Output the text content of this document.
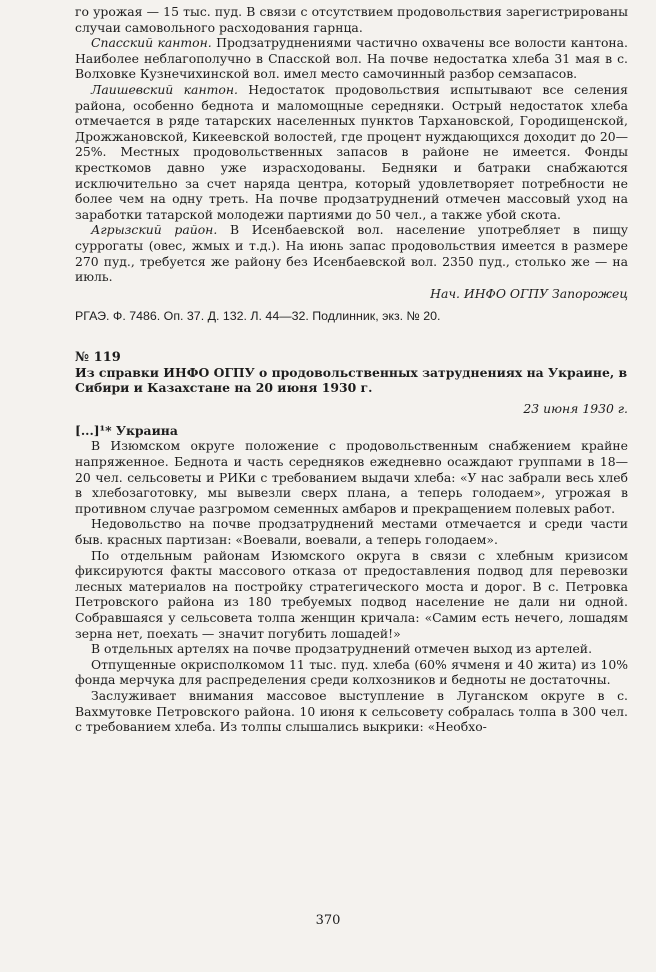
го урожая — 15 тыс. пуд. В связи с отсутствием продовольствия зарегистрированы случаи самовольного расходования гарнца.

Спасский кантон. Продзатруднениями частично охвачены все волости кантона. Наиболее неблагополучно в Спасской вол. На почве недостатка хлеба 31 мая в с. Волховке Кузнечихинской вол. имел место самочинный разбор семзапасов.

Лаишевский кантон. Недостаток продовольствия испытывают все селения района, особенно беднота и маломощные середняки. Острый недостаток хлеба отмечается в ряде татарских населенных пунктов Тархановской, Городищенской, Дрожжановской, Кикеевской волостей, где процент нуждающихся доходит до 20—25%. Местных продовольственных запасов в районе не имеется. Фонды кресткомов давно уже израсходованы. Бедняки и батраки снабжаются исключительно за счет наряда центра, который удовлетворяет потребности не более чем на одну треть. На почве продзатруднений отмечен массовый уход на заработки татарской молодежи партиями до 50 чел., а также убой скота.

Агрызский район. В Исенбаевской вол. население употребляет в пищу суррогаты (овес, жмых и т.д.). На июнь запас продовольствия имеется в размере 270 пуд., требуется же району без Исенбаевской вол. 2350 пуд., столько же — на июль.

Нач. ИНФО ОГПУ Запорожец

РГАЭ. Ф. 7486. Оп. 37. Д. 132. Л. 44—32. Подлинник, экз. № 20.

№ 119

Из справки ИНФО ОГПУ о продовольственных затруднениях на Украине, в Сибири и Казахстане на 20 июня 1930 г.

23 июня 1930 г.

[...]¹* Украина

В Изюмском округе положение с продовольственным снабжением крайне напряженное. Беднота и часть середняков ежедневно осаждают группами в 18—20 чел. сельсоветы и РИКи с требованием выдачи хлеба: «У нас забрали весь хлеб в хлебозаготовку, мы вывезли сверх плана, а теперь голодаем», угрожая в противном случае разгромом семенных амбаров и прекращением полевых работ.

Недовольство на почве продзатруднений местами отмечается и среди части быв. красных партизан: «Воевали, воевали, а теперь голодаем».

По отдельным районам Изюмского округа в связи с хлебным кризисом фиксируются факты массового отказа от предоставления подвод для перевозки лесных материалов на постройку стратегического моста и дорог. В с. Петровка Петровского района из 180 требуемых подвод население не дали ни одной. Собравшаяся у сельсовета толпа женщин кричала: «Самим есть нечего, лошадям зерна нет, поехать — значит погубить лошадей!»

В отдельных артелях на почве продзатруднений отмечен выход из артелей.

Отпущенные окрисполкомом 11 тыс. пуд. хлеба (60% ячменя и 40 жита) из 10% фонда мерчука для распределения среди колхозников и бедноты не достаточны.

Заслуживает внимания массовое выступление в Луганском округе в с. Вахмутовке Петровского района. 10 июня к сельсовету собралась толпа в 300 чел. с требованием хлеба. Из толпы слышались выкрики: «Необхо-

370
